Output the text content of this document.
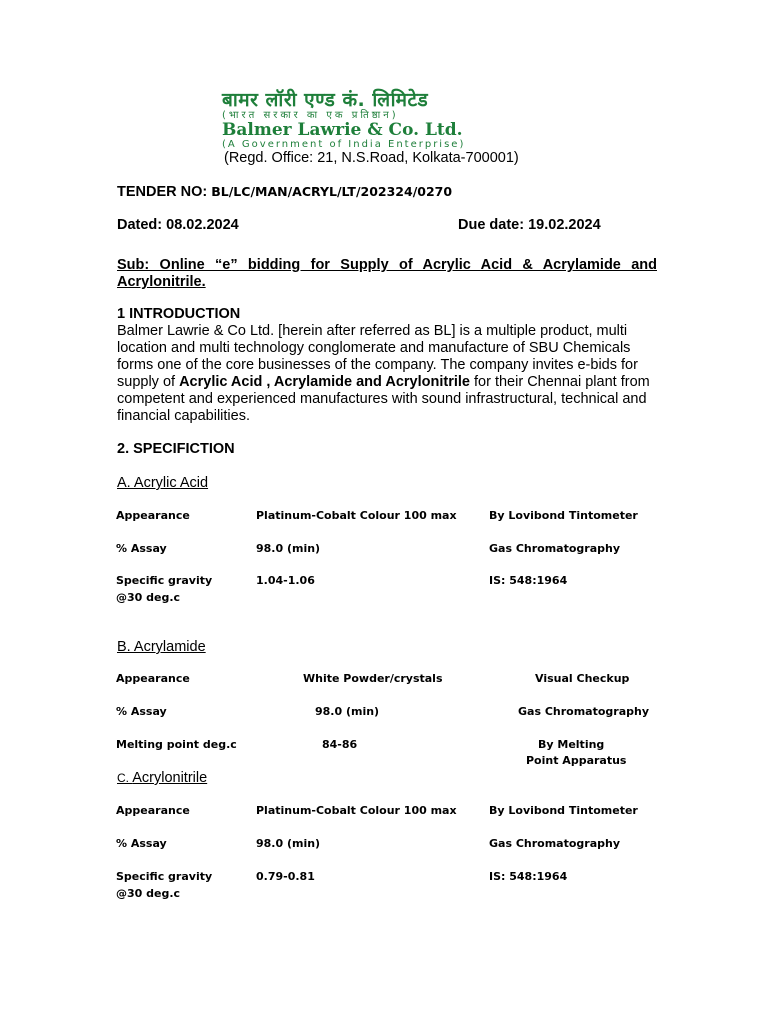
बामर लॉरी एण्ड कं. लिमिटेड
(भारत सरकार का एक प्रतिष्ठान)
Balmer Lawrie & Co. Ltd.
(A Government of India Enterprise)
(Regd. Office: 21, N.S.Road, Kolkata-700001)
TENDER NO: BL/LC/MAN/ACRYL/LT/202324/0270
Dated: 08.02.2024	Due date: 19.02.2024
Sub: Online “e” bidding for Supply of Acrylic Acid & Acrylamide and Acrylonitrile.
1 INTRODUCTION
Balmer Lawrie & Co Ltd. [herein after referred as BL] is a multiple product, multi location and multi technology conglomerate and manufacture of SBU Chemicals forms one of the core businesses of the company. The company invites e-bids for supply of Acrylic Acid , Acrylamide and Acrylonitrile for their Chennai plant from competent and experienced manufactures with sound infrastructural, technical and financial capabilities.
2. SPECIFICTION
A. Acrylic Acid
Appearance	Platinum-Cobalt Colour 100 max	By Lovibond Tintometer
% Assay	98.0 (min)	Gas Chromatography
Specific gravity
@30 deg.c
1.04-1.06	IS: 548:1964
B. Acrylamide
Appearance	White Powder/crystals	Visual Checkup
% Assay	98.0 (min)	Gas Chromatography
Melting point deg.c	84-86	By Melting
Point Apparatus
C. Acrylonitrile
Appearance	Platinum-Cobalt Colour 100 max	By Lovibond Tintometer
% Assay	98.0 (min)	Gas Chromatography
Specific gravity
@30 deg.c
0.79-0.81	IS: 548:1964
